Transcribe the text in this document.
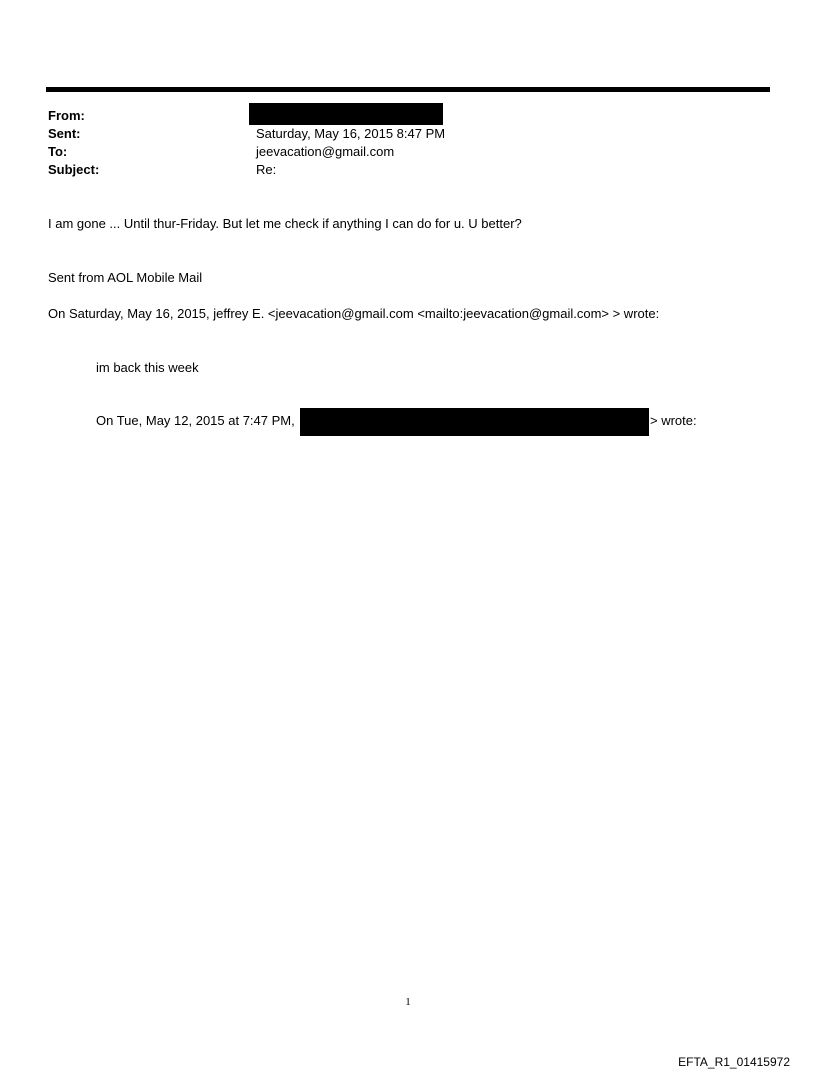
From:
Sent:	Saturday, May 16, 2015 8:47 PM
To:	jeevacation@gmail.com
Subject:	Re:
I am gone ... Until thur-Friday. But let me check if anything I can do for u. U better?
Sent from AOL Mobile Mail
On Saturday, May 16, 2015, jeffrey E. <jeevacation@gmail.com <mailto:jeevacation@gmail.com> > wrote:
im back this week
On Tue, May 12, 2015 at 7:47 PM,	> wrote:
1
EFTA_R1_01415972
